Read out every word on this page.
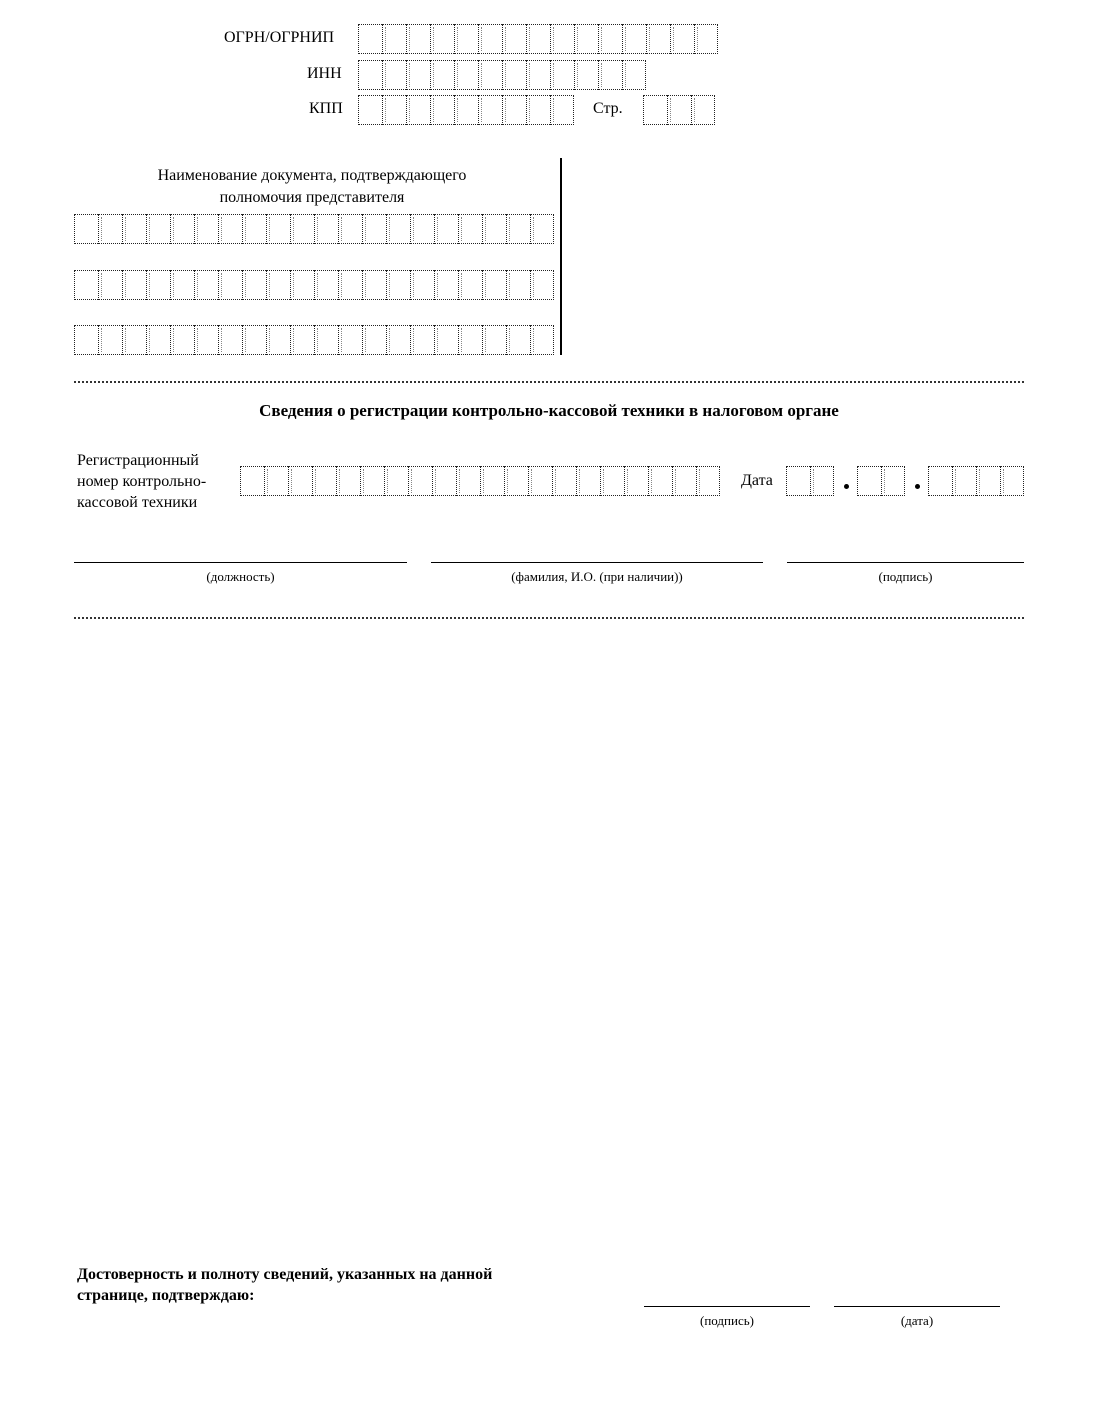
ОГРН/ОГРНИП
ИНН
КПП	Стр.
Наименование документа, подтверждающего
полномочия представителя
Сведения о регистрации контрольно-кассовой техники в налоговом органе
Регистрационный
номер контрольно-
кассовой техники
Дата
(должность)	(фамилия, И.О. (при наличии))	(подпись)
Достоверность и полноту сведений, указанных на данной
странице, подтверждаю:
(подпись)	(дата)
